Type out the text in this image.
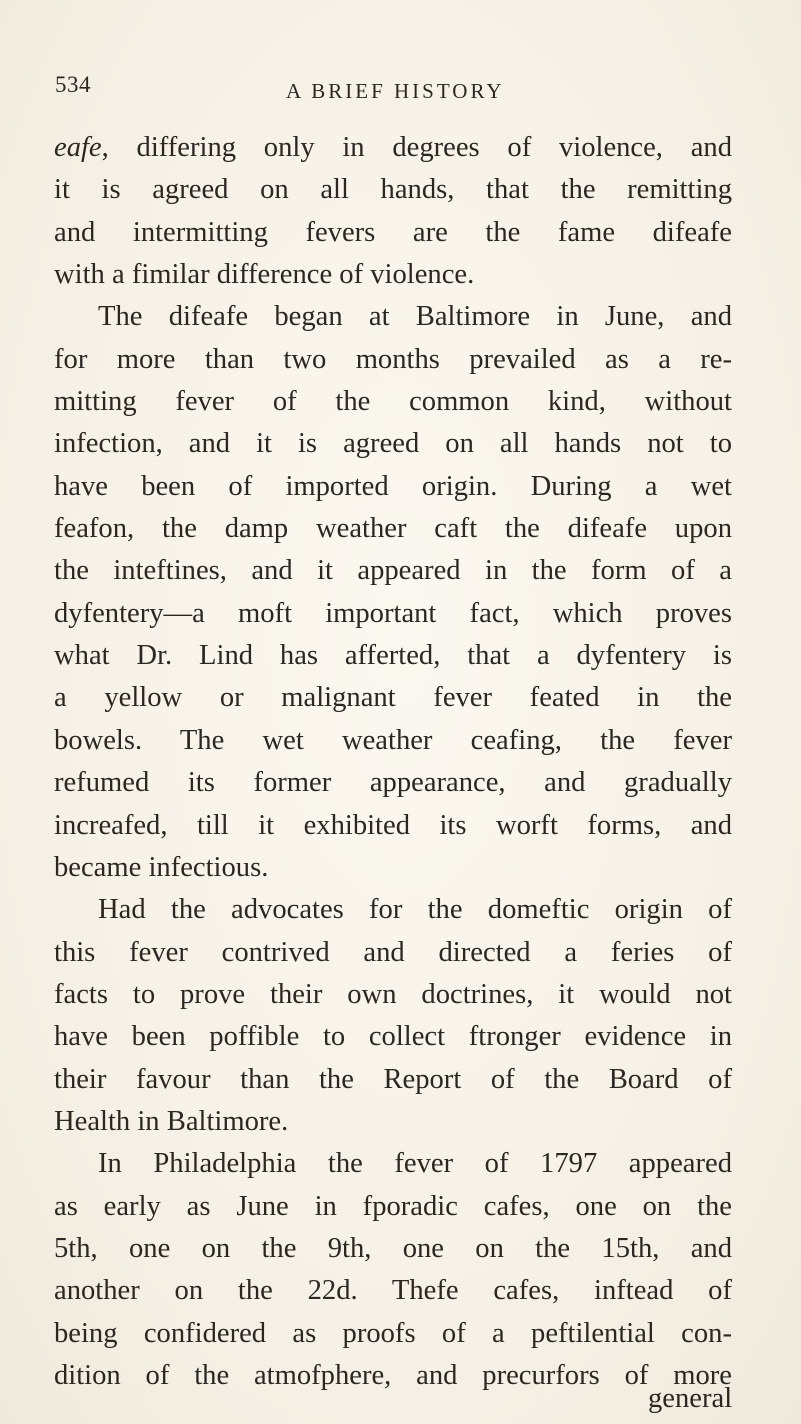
534	A BRIEF HISTORY
eafe, differing only in degrees of violence, and
it is agreed on all hands, that the remitting
and intermitting fevers are the fame difeafe
with a fimilar difference of violence.
The difeafe began at Baltimore in June, and
for more than two months prevailed as a re-
mitting fever of the common kind, without
infection, and it is agreed on all hands not to
have been of imported origin. During a wet
feafon, the damp weather caft the difeafe upon
the inteftines, and it appeared in the form of a
dyfentery—a moft important fact, which proves
what Dr. Lind has afferted, that a dyfentery is
a yellow or malignant fever feated in the
bowels. The wet weather ceafing, the fever
refumed its former appearance, and gradually
increafed, till it exhibited its worft forms, and
became infectious.
Had the advocates for the domeftic origin of
this fever contrived and directed a feries of
facts to prove their own doctrines, it would not
have been poffible to collect ftronger evidence in
their favour than the Report of the Board of
Health in Baltimore.
In Philadelphia the fever of 1797 appeared
as early as June in fporadic cafes, one on the
5th, one on the 9th, one on the 15th, and
another on the 22d. Thefe cafes, inftead of
being confidered as proofs of a peftilential con-
dition of the atmofphere, and precurfors of more
general
